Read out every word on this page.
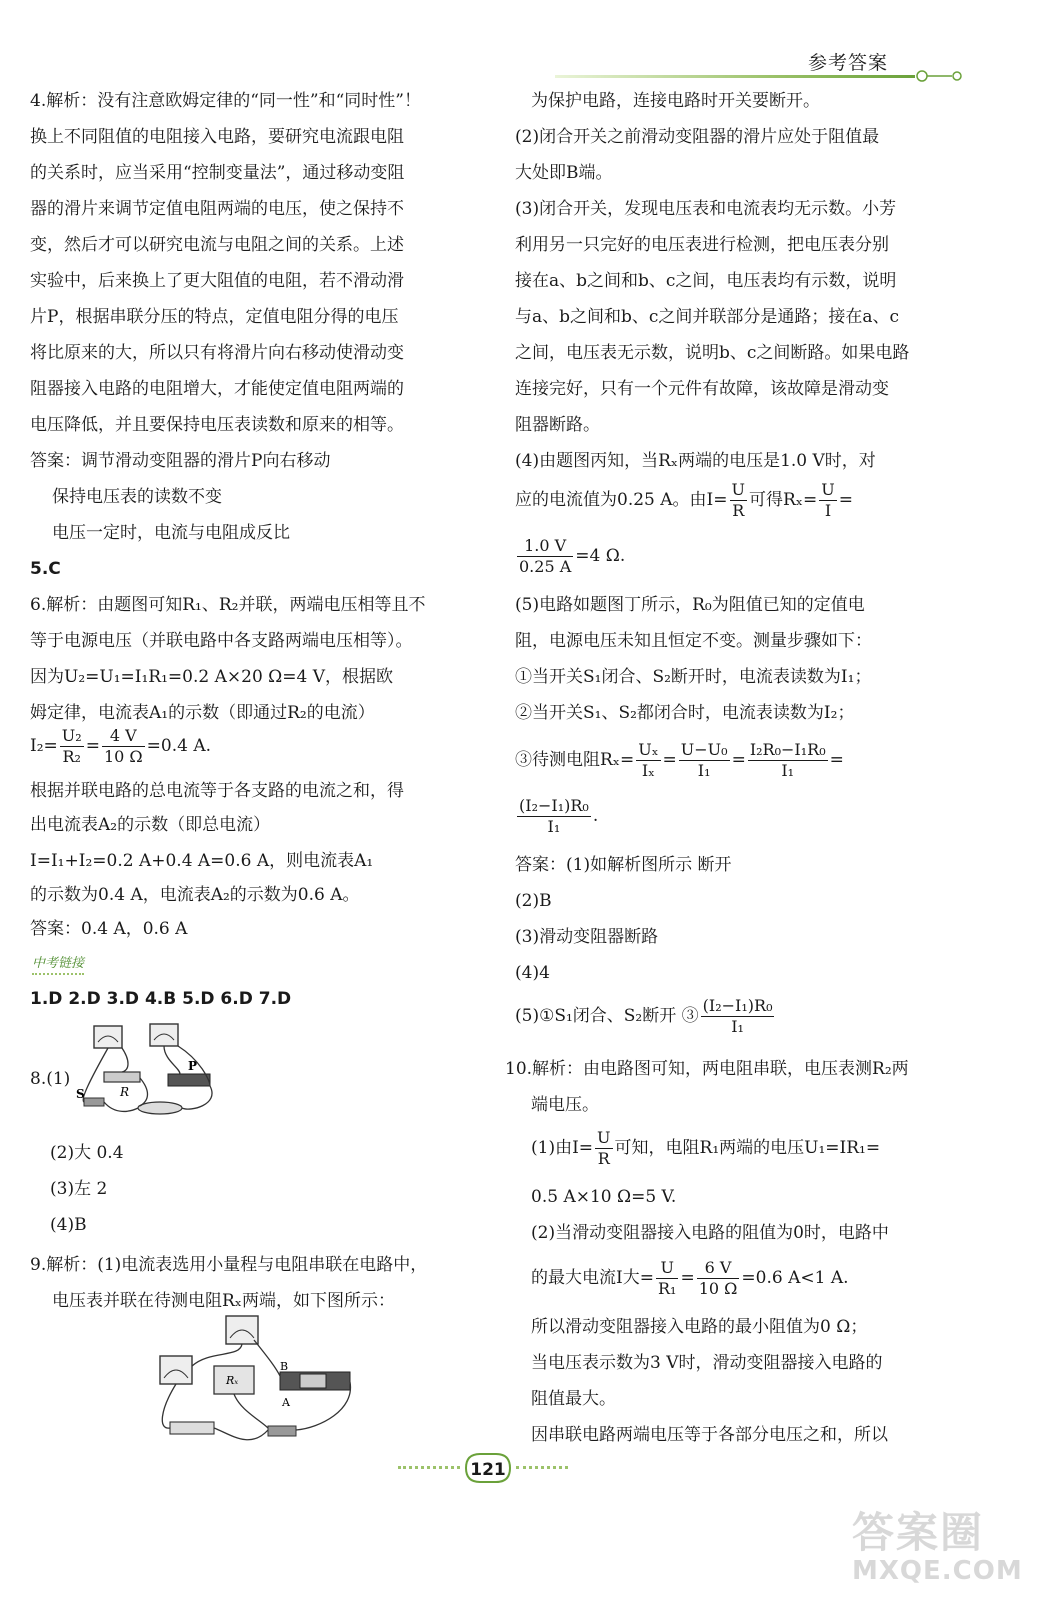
参考答案
4.解析：没有注意欧姆定律的“同一性”和“同时性”！
换上不同阻值的电阻接入电路，要研究电流跟电阻
的关系时，应当采用“控制变量法”，通过移动变阻
器的滑片来调节定值电阻两端的电压，使之保持不
变，然后才可以研究电流与电阻之间的关系。上述
实验中，后来换上了更大阻值的电阻，若不滑动滑
片P，根据串联分压的特点，定值电阻分得的电压
将比原来的大，所以只有将滑片向右移动使滑动变
阻器接入电路的电阻增大，才能使定值电阻两端的
电压降低，并且要保持电压表读数和原来的相等。
答案：调节滑动变阻器的滑片P向右移动
保持电压表的读数不变
电压一定时，电流与电阻成反比
5.C
6.解析：由题图可知R₁、R₂并联，两端电压相等且不
等于电源电压（并联电路中各支路两端电压相等）。
因为U₂=U₁=I₁R₁=0.2 A×20 Ω=4 V，根据欧
姆定律，电流表A₁的示数（即通过R₂的电流）
$I_2= \frac{\text{U₂}}{\text{R₂}} = \frac{4 V}{10 \Omega} =0.4$ A.
根据并联电路的总电流等于各支路的电流之和，得
出电流表A₂的示数（即总电流）
I=I₁+I₂=0.2 A+0.4 A=0.6 A，则电流表A₁
的示数为0.4 A，电流表A₂的示数为0.6 A。
答案：0.4 A，0.6 A
中考链接
1.D 2.D 3.D 4.B 5.D 6.D 7.D
8.(1)
S	R
P
(2)大 0.4
(3)左 2
(4)B
9.解析：(1)电流表选用小量程与电阻串联在电路中，
电压表并联在待测电阻Rₓ两端，如下图所示：
Rₓ
A
B
为保护电路，连接电路时开关要断开。
(2)闭合开关之前滑动变阻器的滑片应处于阻值最
大处即B端。
(3)闭合开关，发现电压表和电流表均无示数。小芳
利用另一只完好的电压表进行检测，把电压表分别
接在a、b之间和b、c之间，电压表均有示数，说明
与a、b之间和b、c之间并联部分是通路；接在a、c
之间，电压表无示数，说明b、c之间断路。如果电路
连接完好，只有一个元件有故障，该故障是滑动变
阻器断路。
(4)由题图丙知，当Rₓ两端的电压是1.0 V时，对
应的电流值为0.25 A。由$I= \frac{U}{R}$ 可得$R_x= \frac{U}{I}$ =
$\frac{1.0 V}{0.25 A} =4$ Ω.
(5)电路如题图丁所示，R₀为阻值已知的定值电
阻，电源电压未知且恒定不变。测量步骤如下：
①当开关S₁闭合、S₂断开时，电流表读数为I₁；
②当开关S₁、S₂都闭合时，电流表读数为I₂；
③待测电阻$R_x= \frac{\text{Uₓ}}{\text{Iₓ}} = \frac{\text{U−U₀}}{\text{I₁}} = \frac{\text{I₂R₀−I₁R₀}}{\text{I₁}}$ =
$\frac{\text{(I₂−I₁)R₀}}{\text{I₁}}$ .
答案：(1)如解析图所示 断开
(2)B
(3)滑动变阻器断路
(4)4
(5)①S₁闭合、S₂断开 ③ $\frac{\text{(I₂−I₁)R₀}}{\text{I₁}}$
10.解析：由电路图可知，两电阻串联，电压表测R₂两
端电压。
(1)由$I= \frac{U}{R}$ 可知，电阻R₁两端的电压U₁=IR₁=
0.5 A×10 Ω=5 V.
(2)当滑动变阻器接入电路的阻值为0时，电路中
的最大电流I大= $\frac{U}{\text{R₁}} = \frac{6 V}{10 \Omega} =0.6$ A<1 A.
所以滑动变阻器接入电路的最小阻值为0 Ω；
当电压表示数为3 V时，滑动变阻器接入电路的
阻值最大。
因串联电路两端电压等于各部分电压之和，所以
121
答案圈
MXQE.COM
